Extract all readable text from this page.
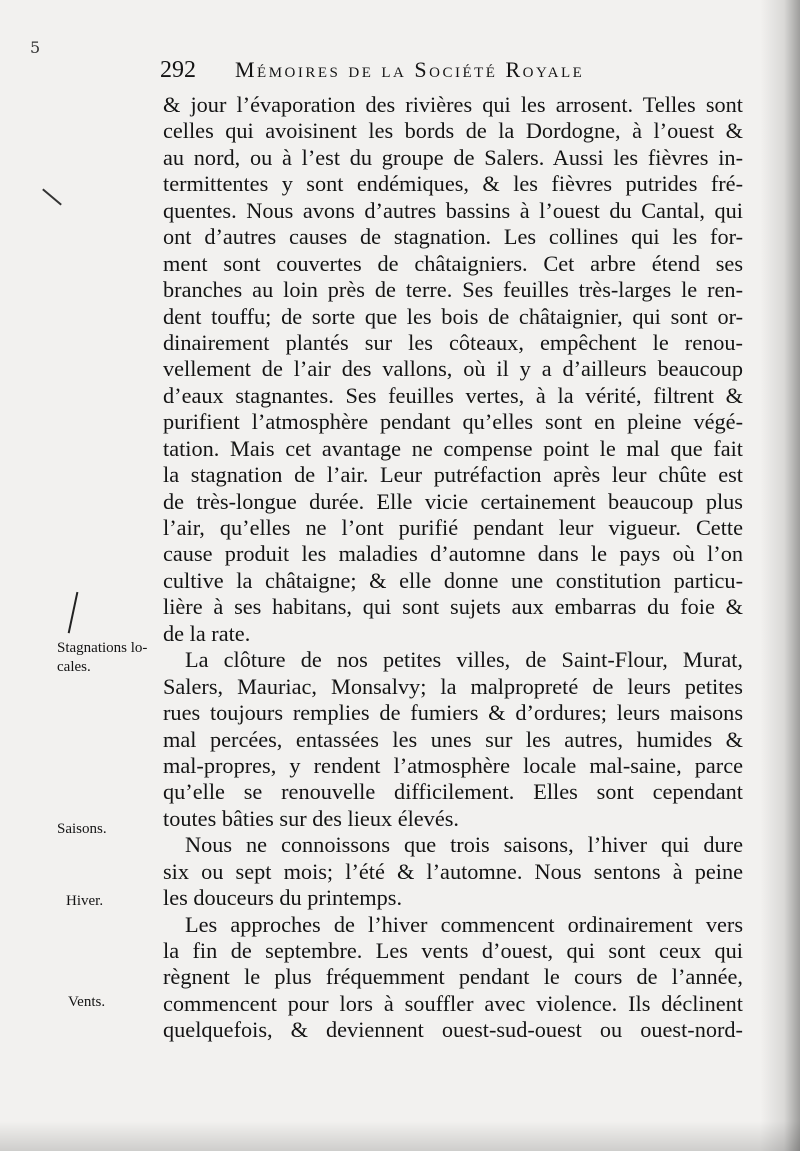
5
292 Mémoires de la Société Royale
Stagnations lo-
cales.
Saisons.
Hiver.
Vents.
& jour l’évaporation des rivières qui les arrosent. Telles sont
celles qui avoisinent les bords de la Dordogne, à l’ouest &
au nord, ou à l’est du groupe de Salers. Aussi les fièvres in-
termittentes y sont endémiques, & les fièvres putrides fré-
quentes. Nous avons d’autres bassins à l’ouest du Cantal, qui
ont d’autres causes de stagnation. Les collines qui les for-
ment sont couvertes de châtaigniers. Cet arbre étend ses
branches au loin près de terre. Ses feuilles très-larges le ren-
dent touffu; de sorte que les bois de châtaignier, qui sont or-
dinairement plantés sur les côteaux, empêchent le renou-
vellement de l’air des vallons, où il y a d’ailleurs beaucoup
d’eaux stagnantes. Ses feuilles vertes, à la vérité, filtrent &
purifient l’atmosphère pendant qu’elles sont en pleine végé-
tation. Mais cet avantage ne compense point le mal que fait
la stagnation de l’air. Leur putréfaction après leur chûte est
de très-longue durée. Elle vicie certainement beaucoup plus
l’air, qu’elles ne l’ont purifié pendant leur vigueur. Cette
cause produit les maladies d’automne dans le pays où l’on
cultive la châtaigne; & elle donne une constitution particu-
lière à ses habitans, qui sont sujets aux embarras du foie &
de la rate.
La clôture de nos petites villes, de Saint-Flour, Murat,
Salers, Mauriac, Monsalvy; la malpropreté de leurs petites
rues toujours remplies de fumiers & d’ordures; leurs maisons
mal percées, entassées les unes sur les autres, humides &
mal-propres, y rendent l’atmosphère locale mal-saine, parce
qu’elle se renouvelle difficilement. Elles sont cependant
toutes bâties sur des lieux élevés.
Nous ne connoissons que trois saisons, l’hiver qui dure
six ou sept mois; l’été & l’automne. Nous sentons à peine
les douceurs du printemps.
Les approches de l’hiver commencent ordinairement vers
la fin de septembre. Les vents d’ouest, qui sont ceux qui
règnent le plus fréquemment pendant le cours de l’année,
commencent pour lors à souffler avec violence. Ils déclinent
quelquefois, & deviennent ouest-sud-ouest ou ouest-nord-
